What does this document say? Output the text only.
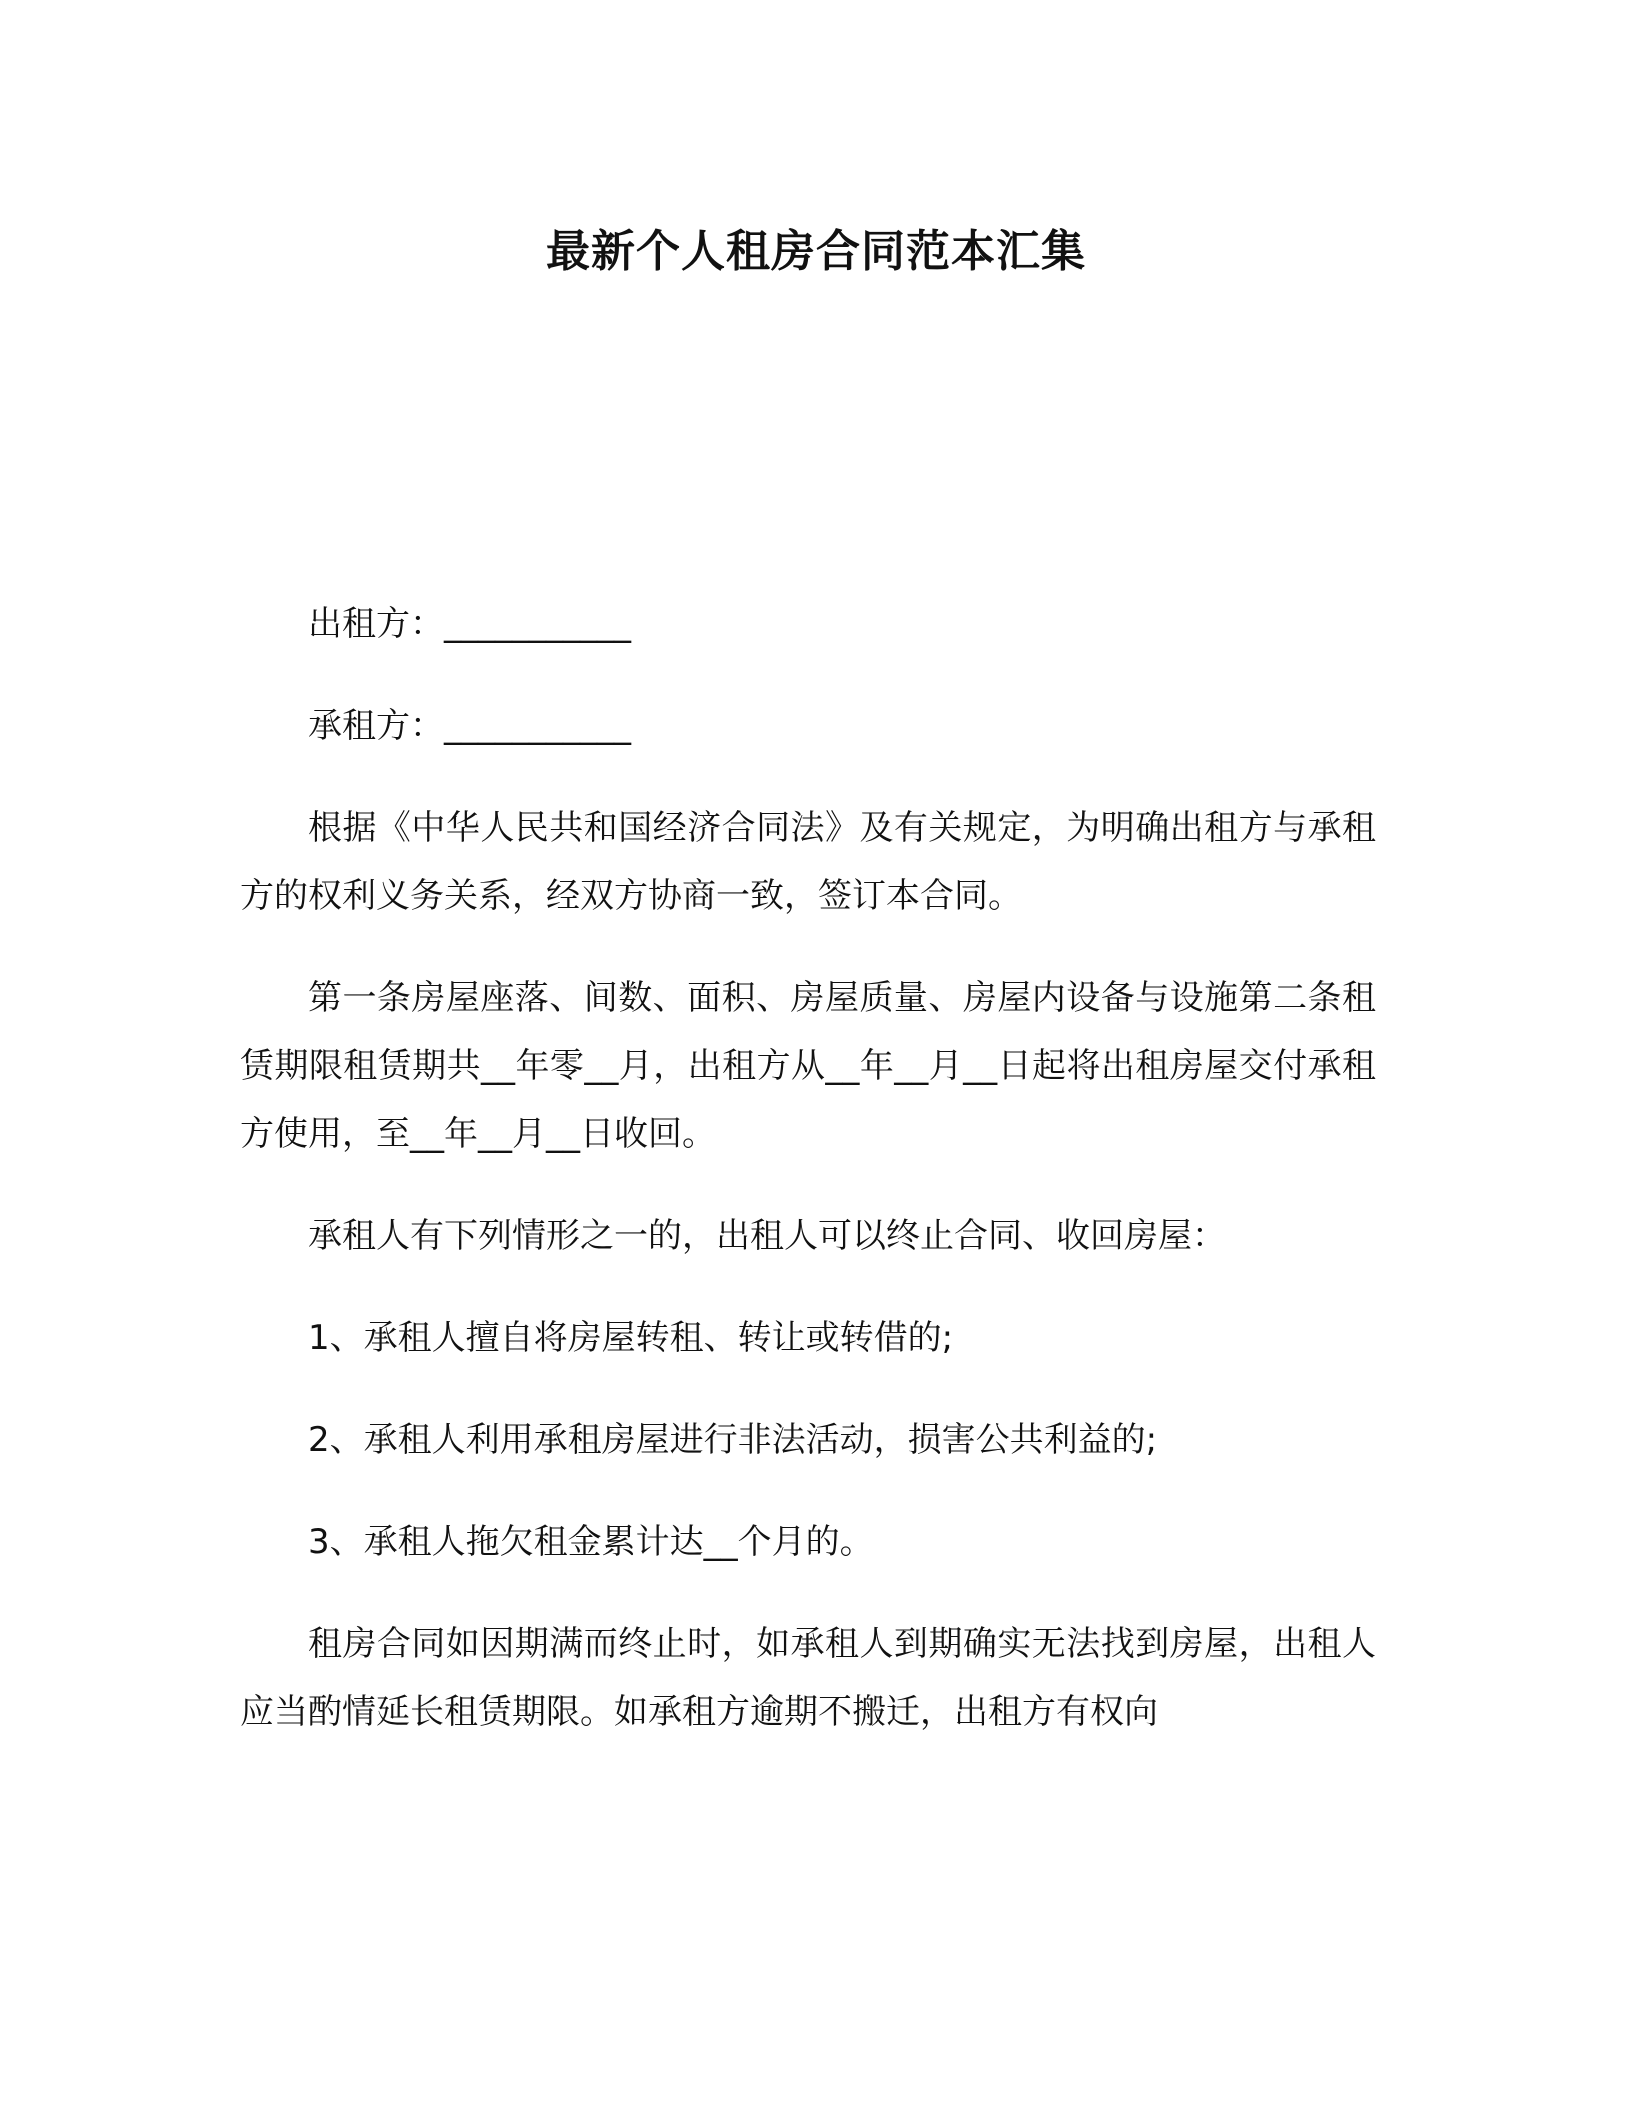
最新个人租房合同范本汇集

出租方：___________

承租方：___________

根据《中华人民共和国经济合同法》及有关规定，为明确出租方与承租方的权利义务关系，经双方协商一致，签订本合同。

第一条房屋座落、间数、面积、房屋质量、房屋内设备与设施第二条租赁期限租赁期共__年零__月，出租方从__年__月__日起将出租房屋交付承租方使用，至__年__月__日收回。

承租人有下列情形之一的，出租人可以终止合同、收回房屋：

1、承租人擅自将房屋转租、转让或转借的;

2、承租人利用承租房屋进行非法活动，损害公共利益的;

3、承租人拖欠租金累计达__个月的。

租房合同如因期满而终止时，如承租人到期确实无法找到房屋，出租人应当酌情延长租赁期限。如承租方逾期不搬迁，出租方有权向
